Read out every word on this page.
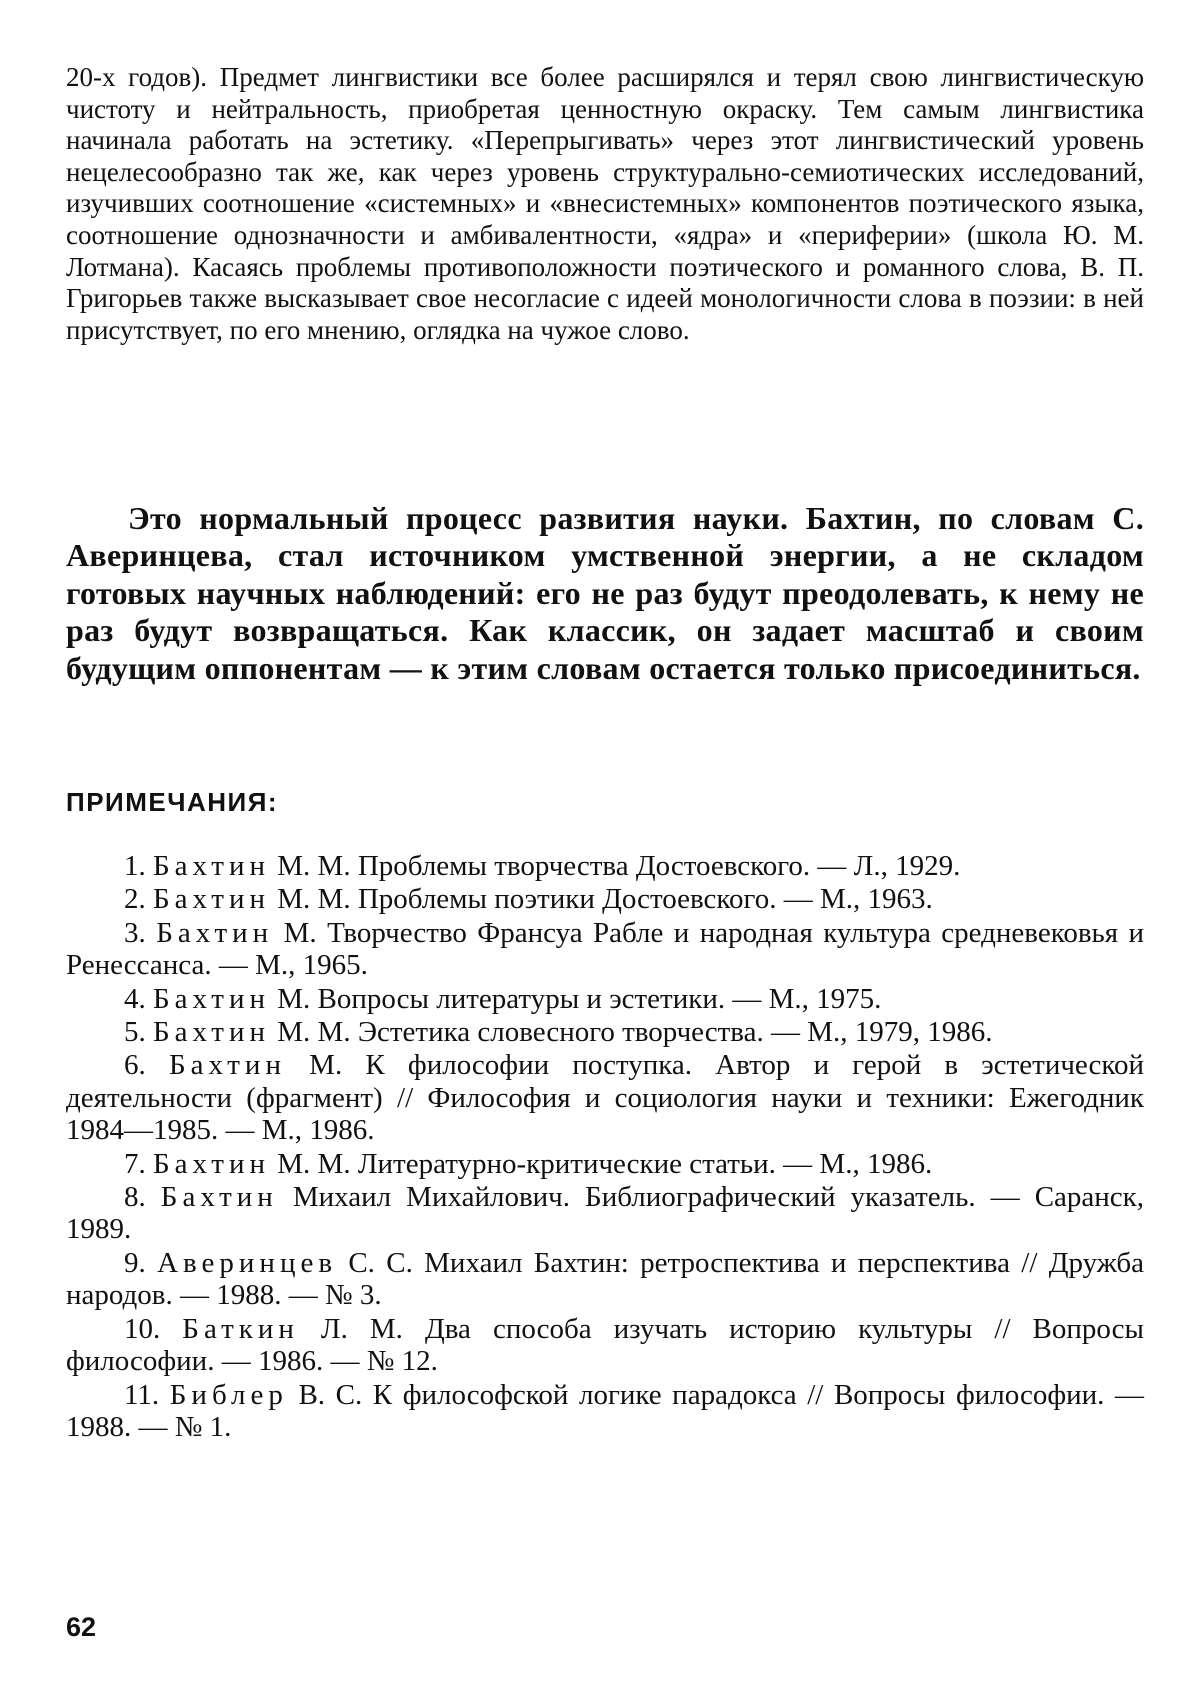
20-х годов). Предмет лингвистики все более расширялся и терял свою лингвистическую чистоту и нейтральность, приобретая ценностную окраску. Тем самым лингвистика начинала работать на эстетику. «Перепрыгивать» через этот лингвистический уровень нецелесообразно так же, как через уровень структурально-семиотических исследований, изучивших соотношение «системных» и «внесистемных» компонентов поэтического языка, соотношение однозначности и амбивалентности, «ядра» и «периферии» (школа Ю. М. Лотмана). Касаясь проблемы противоположности поэтического и романного слова, В. П. Григорьев также высказывает свое несогласие с идеей монологичности слова в поэзии: в ней присутствует, по его мнению, оглядка на чужое слово.

Это нормальный процесс развития науки. Бахтин, по словам С. Аверинцева, стал источником умственной энергии, а не складом готовых научных наблюдений: его не раз будут преодолевать, к нему не раз будут возвращаться. Как классик, он задает масштаб и своим будущим оппонентам — к этим словам остается только присоединиться.

ПРИМЕЧАНИЯ:
1. Бахтин М. М. Проблемы творчества Достоевского. — Л., 1929.
2. Бахтин М. М. Проблемы поэтики Достоевского. — М., 1963.
3. Бахтин М. Творчество Франсуа Рабле и народная культура средневековья и Ренессанса. — М., 1965.
4. Бахтин М. Вопросы литературы и эстетики. — М., 1975.
5. Бахтин М. М. Эстетика словесного творчества. — М., 1979, 1986.
6. Бахтин М. К философии поступка. Автор и герой в эстетической деятельности (фрагмент) // Философия и социология науки и техники: Ежегодник 1984—1985. — М., 1986.
7. Бахтин М. М. Литературно-критические статьи. — М., 1986.
8. Бахтин Михаил Михайлович. Библиографический указатель. — Саранск, 1989.
9. Аверинцев С. С. Михаил Бахтин: ретроспектива и перспектива // Дружба народов. — 1988. — № 3.
10. Баткин Л. М. Два способа изучать историю культуры // Вопросы философии. — 1986. — № 12.
11. Библер В. С. К философской логике парадокса // Вопросы философии. — 1988. — № 1.

62
